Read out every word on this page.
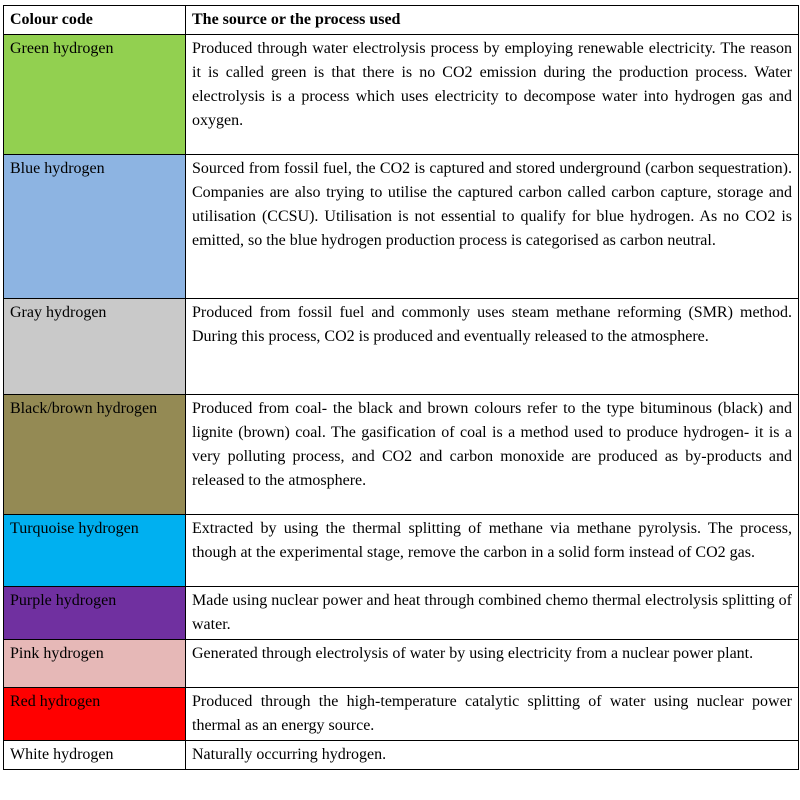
Colour code	The source or the process used
Green hydrogen	Produced through water electrolysis process by employing renewable electricity. The reason it is called green is that there is no CO2 emission during the production process. Water electrolysis is a process which uses electricity to decompose water into hydrogen gas and oxygen.
Blue hydrogen	Sourced from fossil fuel, the CO2 is captured and stored underground (carbon sequestration). Companies are also trying to utilise the captured carbon called carbon capture, storage and utilisation (CCSU). Utilisation is not essential to qualify for blue hydrogen. As no CO2 is emitted, so the blue hydrogen production process is categorised as carbon neutral.
Gray hydrogen	Produced from fossil fuel and commonly uses steam methane reforming (SMR) method. During this process, CO2 is produced and eventually released to the atmosphere.
Black/brown hydrogen	Produced from coal- the black and brown colours refer to the type bituminous (black) and lignite (brown) coal. The gasification of coal is a method used to produce hydrogen- it is a very polluting process, and CO2 and carbon monoxide are produced as by-products and released to the atmosphere.
Turquoise hydrogen	Extracted by using the thermal splitting of methane via methane pyrolysis. The process, though at the experimental stage, remove the carbon in a solid form instead of CO2 gas.
Purple hydrogen	Made using nuclear power and heat through combined chemo thermal electrolysis splitting of water.
Pink hydrogen	Generated through electrolysis of water by using electricity from a nuclear power plant.
Red hydrogen	Produced through the high-temperature catalytic splitting of water using nuclear power thermal as an energy source.
White hydrogen	Naturally occurring hydrogen.
